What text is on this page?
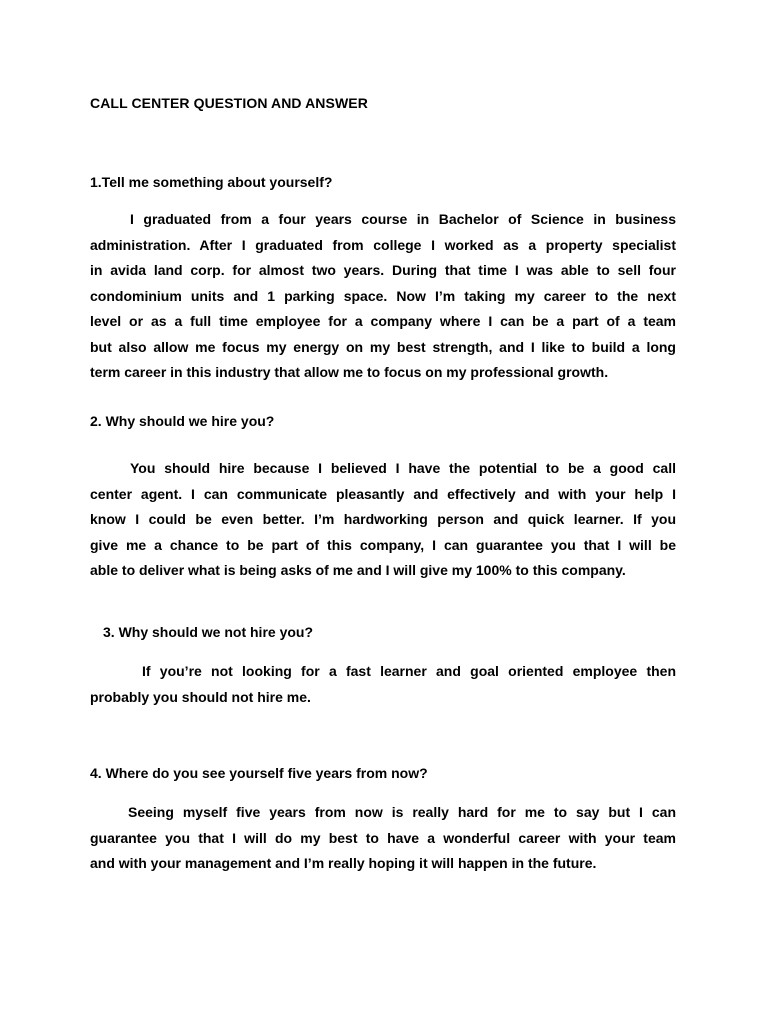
CALL CENTER QUESTION AND ANSWER
1.Tell me something about yourself?
I graduated from a four years course in Bachelor of Science in business
administration. After I graduated from college I worked as a property specialist
in avida land corp. for almost two years. During that time I was able to sell four
condominium units and 1 parking space. Now I’m taking my career to the next
level or as a full time employee for a company where I can be a part of a team
but also allow me focus my energy on my best strength, and I like to build a long
term career in this industry that allow me to focus on my professional growth.
2. Why should we hire you?
You should hire because I believed I have the potential to be a good call
center agent. I can communicate pleasantly and effectively and with your help I
know I could be even better. I’m hardworking person and quick learner. If you
give me a chance to be part of this company, I can guarantee you that I will be
able to deliver what is being asks of me and I will give my 100% to this company.
3. Why should we not hire you?
If you’re not looking for a fast learner and goal oriented employee then
probably you should not hire me.
4. Where do you see yourself five years from now?
Seeing myself five years from now is really hard for me to say but I can
guarantee you that I will do my best to have a wonderful career with your team
and with your management and I’m really hoping it will happen in the future.
